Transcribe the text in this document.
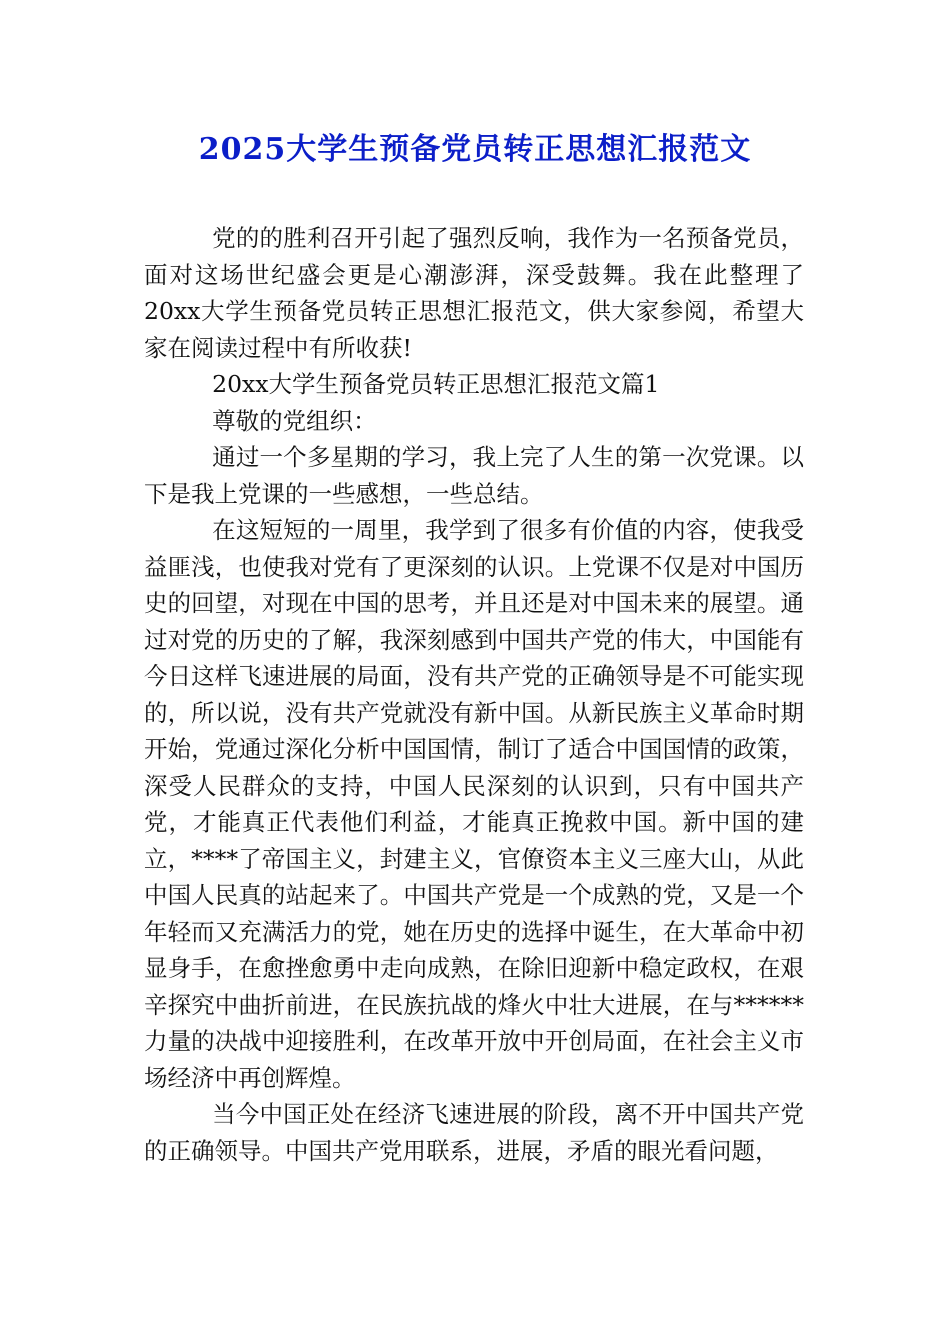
2025大学生预备党员转正思想汇报范文

党的的胜利召开引起了强烈反响，我作为一名预备党员，面对这场世纪盛会更是心潮澎湃，深受鼓舞。我在此整理了20xx大学生预备党员转正思想汇报范文，供大家参阅，希望大家在阅读过程中有所收获!

20xx大学生预备党员转正思想汇报范文篇1

尊敬的党组织：

通过一个多星期的学习，我上完了人生的第一次党课。以下是我上党课的一些感想，一些总结。

在这短短的一周里，我学到了很多有价值的内容，使我受益匪浅，也使我对党有了更深刻的认识。上党课不仅是对中国历史的回望，对现在中国的思考，并且还是对中国未来的展望。通过对党的历史的了解，我深刻感到中国共产党的伟大，中国能有今日这样飞速进展的局面，没有共产党的正确领导是不可能实现的，所以说，没有共产党就没有新中国。从新民族主义革命时期开始，党通过深化分析中国国情，制订了适合中国国情的政策，深受人民群众的支持，中国人民深刻的认识到，只有中国共产党，才能真正代表他们利益，才能真正挽救中国。新中国的建立，****了帝国主义，封建主义，官僚资本主义三座大山，从此中国人民真的站起来了。中国共产党是一个成熟的党，又是一个年轻而又充满活力的党，她在历史的选择中诞生，在大革命中初显身手，在愈挫愈勇中走向成熟，在除旧迎新中稳定政权，在艰辛探究中曲折前进，在民族抗战的烽火中壮大进展，在与******力量的决战中迎接胜利，在改革开放中开创局面，在社会主义市场经济中再创辉煌。

当今中国正处在经济飞速进展的阶段，离不开中国共产党的正确领导。中国共产党用联系，进展，矛盾的眼光看问题，
